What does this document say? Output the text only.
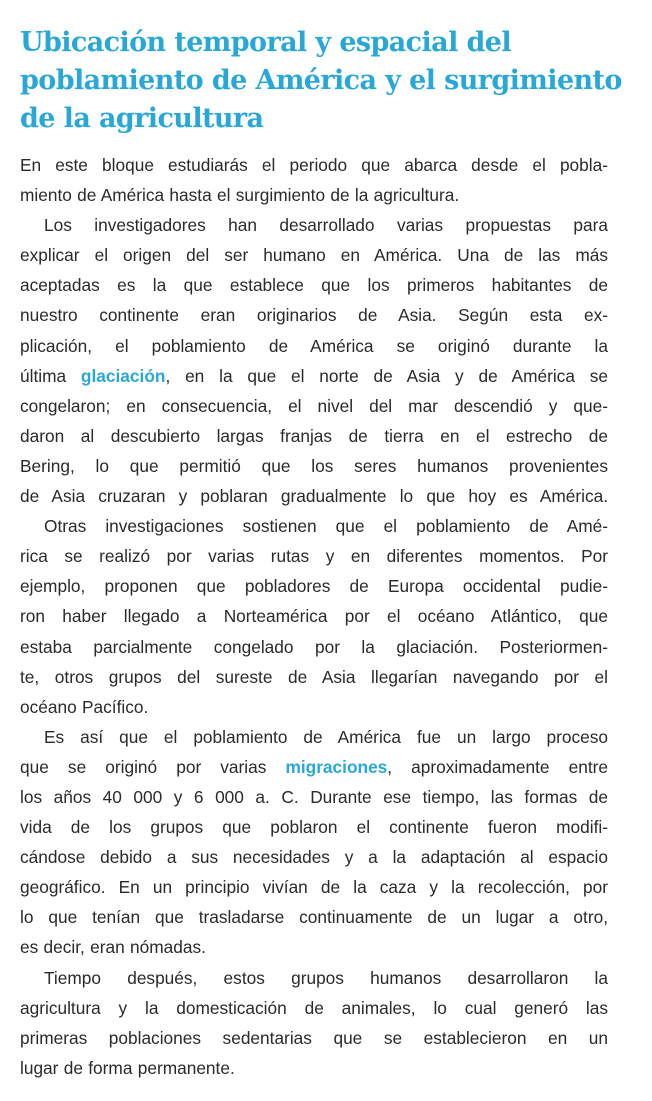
Ubicación temporal y espacial del
poblamiento de América y el surgimiento
de la agricultura
En este bloque estudiarás el periodo que abarca desde el pobla-
miento de América hasta el surgimiento de la agricultura.
Los investigadores han desarrollado varias propuestas para
explicar el origen del ser humano en América. Una de las más
aceptadas es la que establece que los primeros habitantes de
nuestro continente eran originarios de Asia. Según esta ex-
plicación, el poblamiento de América se originó durante la
última glaciación, en la que el norte de Asia y de América se
congelaron; en consecuencia, el nivel del mar descendió y que-
daron al descubierto largas franjas de tierra en el estrecho de
Bering, lo que permitió que los seres humanos provenientes
de Asia cruzaran y poblaran gradualmente lo que hoy es América.
Otras investigaciones sostienen que el poblamiento de Amé-
rica se realizó por varias rutas y en diferentes momentos. Por
ejemplo, proponen que pobladores de Europa occidental pudie-
ron haber llegado a Norteamérica por el océano Atlántico, que
estaba parcialmente congelado por la glaciación. Posteriormen-
te, otros grupos del sureste de Asia llegarían navegando por el
océano Pacífico.
Es así que el poblamiento de América fue un largo proceso
que se originó por varias migraciones, aproximadamente entre
los años 40 000 y 6 000 a. C. Durante ese tiempo, las formas de
vida de los grupos que poblaron el continente fueron modifi-
cándose debido a sus necesidades y a la adaptación al espacio
geográfico. En un principio vivían de la caza y la recolección, por
lo que tenían que trasladarse continuamente de un lugar a otro,
es decir, eran nómadas.
Tiempo después, estos grupos humanos desarrollaron la
agricultura y la domesticación de animales, lo cual generó las
primeras poblaciones sedentarias que se establecieron en un
lugar de forma permanente.
